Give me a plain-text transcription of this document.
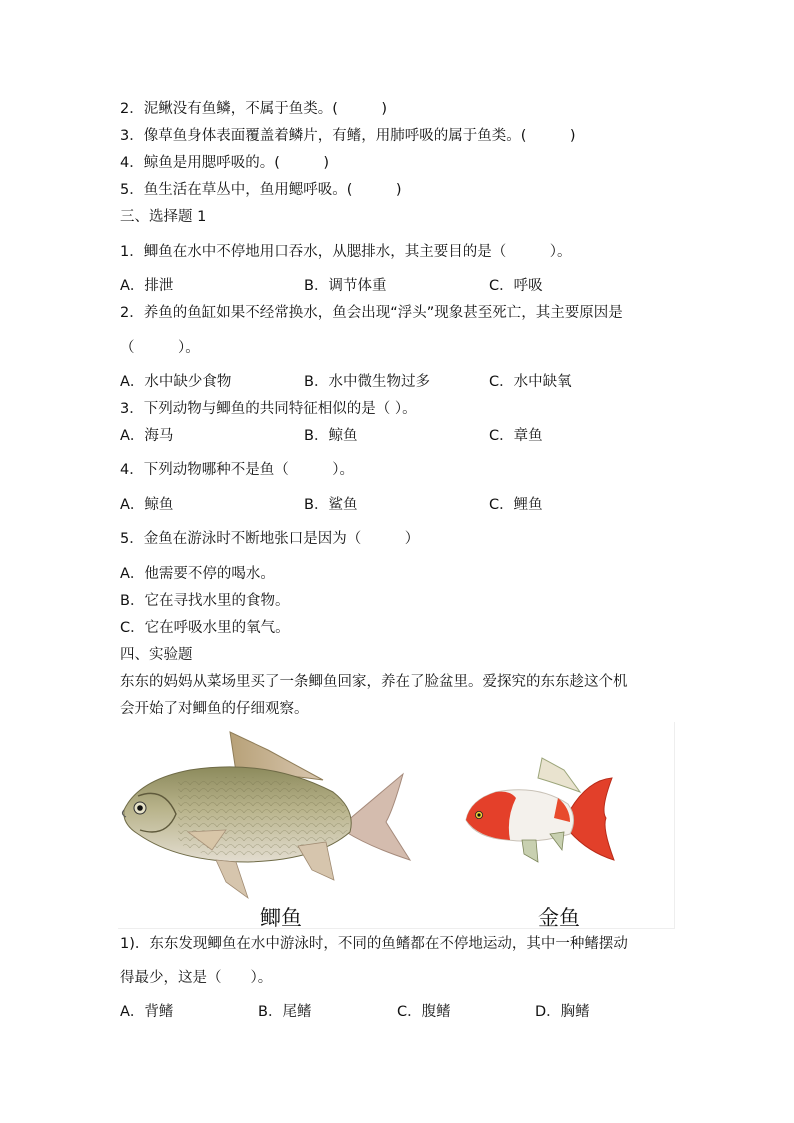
2．泥鳅没有鱼鳞，不属于鱼类。(　　　)
3．像草鱼身体表面覆盖着鳞片，有鳍，用肺呼吸的属于鱼类。(　　　)
4．鲸鱼是用腮呼吸的。(　　　)
5．鱼生活在草丛中，鱼用鳃呼吸。(　　　)
三、选择题 1
1．鲫鱼在水中不停地用口吞水，从腮排水，其主要目的是（　　　）。
A．排泄	B．调节体重	C．呼吸
2．养鱼的鱼缸如果不经常换水，鱼会出现“浮头”现象甚至死亡，其主要原因是
（　　　）。
A．水中缺少食物	B．水中微生物过多	C．水中缺氧
3．下列动物与鲫鱼的共同特征相似的是（ ）。
A．海马	B．鲸鱼	C．章鱼
4．下列动物哪种不是鱼（　　　）。
A．鲸鱼	B．鲨鱼	C．鲤鱼
5．金鱼在游泳时不断地张口是因为（　　　）
A．他需要不停的喝水。
B．它在寻找水里的食物。
C．它在呼吸水里的氧气。
四、实验题
东东的妈妈从菜场里买了一条鲫鱼回家，养在了脸盆里。爱探究的东东趁这个机
会开始了对鲫鱼的仔细观察。
鲫鱼	金鱼
1)．东东发现鲫鱼在水中游泳时，不同的鱼鳍都在不停地运动，其中一种鳍摆动
得最少，这是（　　）。
A．背鳍	B．尾鳍	C．腹鳍	D．胸鳍
